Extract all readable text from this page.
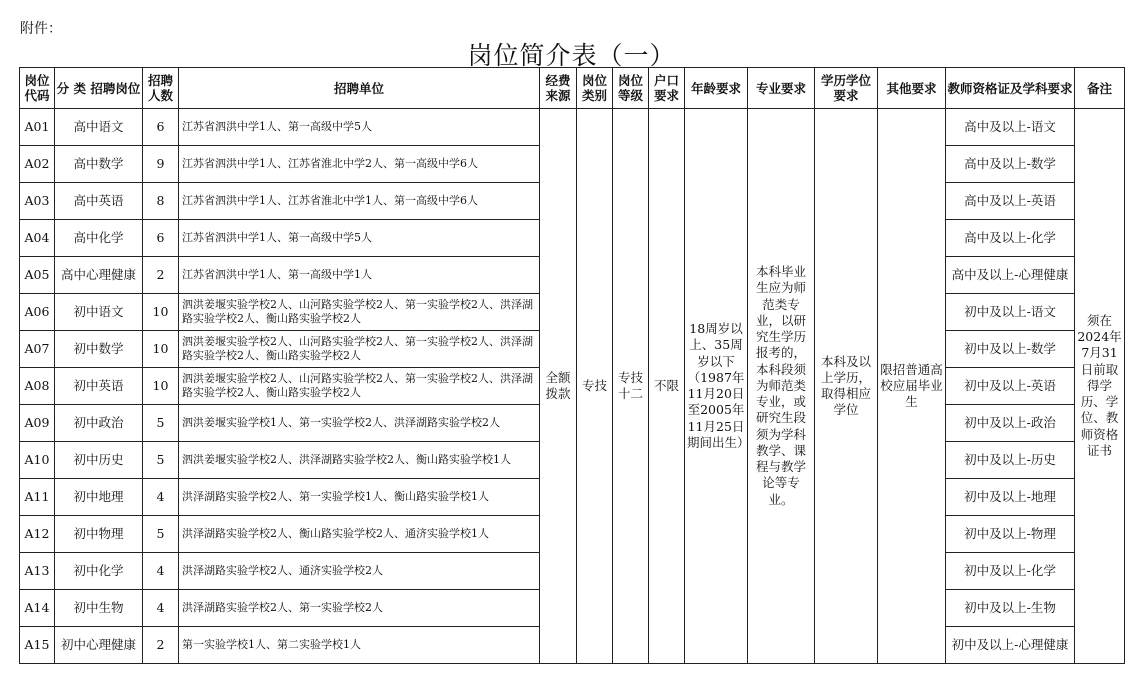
附件：
岗位简介表（一）
岗位代码	分 类 招聘岗位	招聘人数	招聘单位	经费来源	岗位类别	岗位等级	户口要求	年龄要求	专业要求	学历学位要求	其他要求	教师资格证及学科要求	备注
A01	高中语文	6	江苏省泗洪中学1人、第一高级中学5人	全额拨款	专技	专技十二	不限	18周岁以上、35周岁以下（1987年11月20日至2005年11月25日期间出生）	本科毕业生应为师范类专业，以研究生学历报考的，本科段须为师范类专业，或研究生段须为学科教学、课程与教学论等专业。	本科及以上学历，取得相应学位	限招普通高校应届毕业生	高中及以上-语文	须在2024年7月31日前取得学历、学位、教师资格证书
A02	高中数学	9	江苏省泗洪中学1人、江苏省淮北中学2人、第一高级中学6人									高中及以上-数学	
A03	高中英语	8	江苏省泗洪中学1人、江苏省淮北中学1人、第一高级中学6人									高中及以上-英语	
A04	高中化学	6	江苏省泗洪中学1人、第一高级中学5人									高中及以上-化学	
A05	高中心理健康	2	江苏省泗洪中学1人、第一高级中学1人									高中及以上-心理健康	
A06	初中语文	10	泗洪姜堰实验学校2人、山河路实验学校2人、第一实验学校2人、洪泽湖路实验学校2人、衡山路实验学校2人									初中及以上-语文	
A07	初中数学	10	泗洪姜堰实验学校2人、山河路实验学校2人、第一实验学校2人、洪泽湖路实验学校2人、衡山路实验学校2人									初中及以上-数学	
A08	初中英语	10	泗洪姜堰实验学校2人、山河路实验学校2人、第一实验学校2人、洪泽湖路实验学校2人、衡山路实验学校2人									初中及以上-英语	
A09	初中政治	5	泗洪姜堰实验学校1人、第一实验学校2人、洪泽湖路实验学校2人									初中及以上-政治	
A10	初中历史	5	泗洪姜堰实验学校2人、洪泽湖路实验学校2人、衡山路实验学校1人									初中及以上-历史	
A11	初中地理	4	洪泽湖路实验学校2人、第一实验学校1人、衡山路实验学校1人									初中及以上-地理	
A12	初中物理	5	洪泽湖路实验学校2人、衡山路实验学校2人、通济实验学校1人									初中及以上-物理	
A13	初中化学	4	洪泽湖路实验学校2人、通济实验学校2人									初中及以上-化学	
A14	初中生物	4	洪泽湖路实验学校2人、第一实验学校2人									初中及以上-生物	
A15	初中心理健康	2	第一实验学校1人、第二实验学校1人									初中及以上-心理健康	
